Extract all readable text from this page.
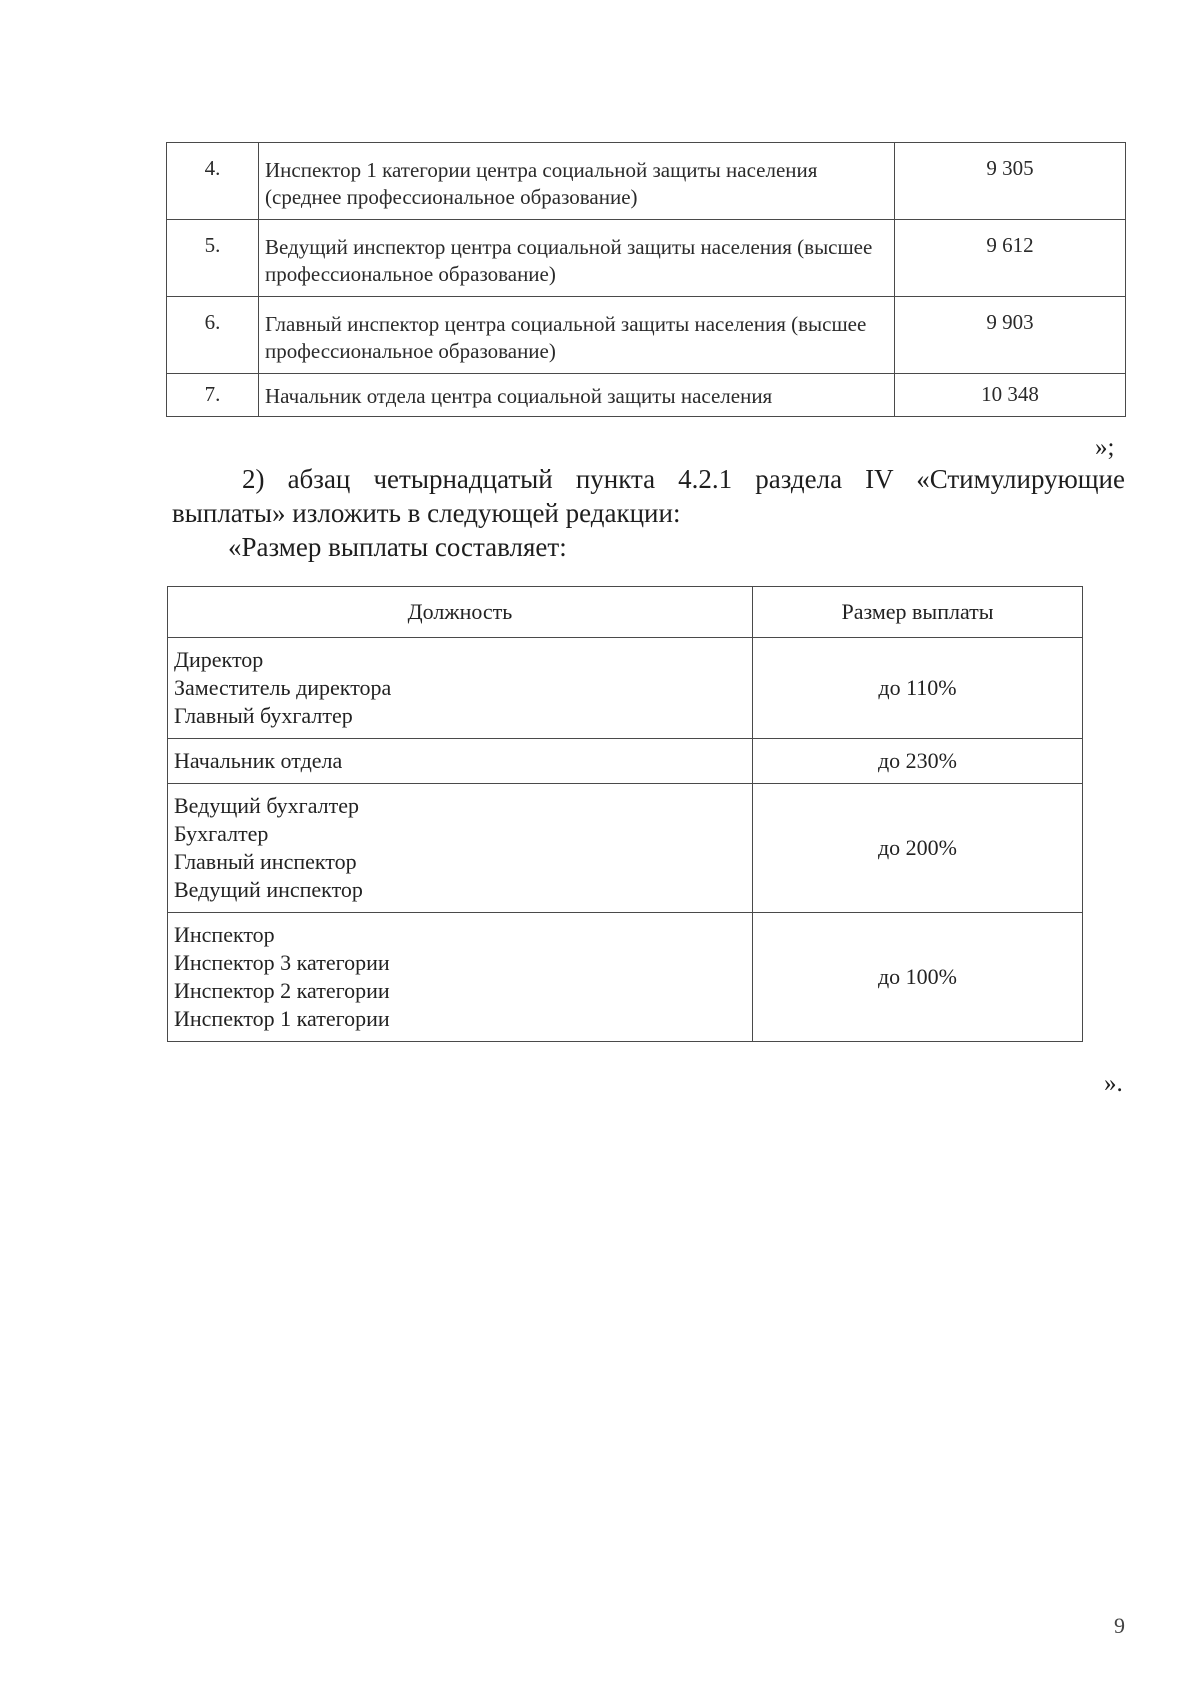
4.	Инспектор 1 категории центра социальной защиты населения (среднее профессиональное образование)	9 305
5.	Ведущий инспектор центра социальной защиты населения (высшее профессиональное образование)	9 612
6.	Главный инспектор центра социальной защиты населения (высшее профессиональное образование)	9 903
7.	Начальник отдела центра социальной защиты населения	10 348
»;
2) абзац четырнадцатый пункта 4.2.1 раздела IV «Стимулирующие выплаты» изложить в следующей редакции:
«Размер выплаты составляет:
Должность	Размер выплаты

Директор
Заместитель директора
Главный бухгалтер	до 110%

Начальник отдела	до 230%

Ведущий бухгалтер
Бухгалтер
Главный инспектор
Ведущий инспектор	до 200%

Инспектор
Инспектор 3 категории
Инспектор 2 категории
Инспектор 1 категории	до 100%
».
9
